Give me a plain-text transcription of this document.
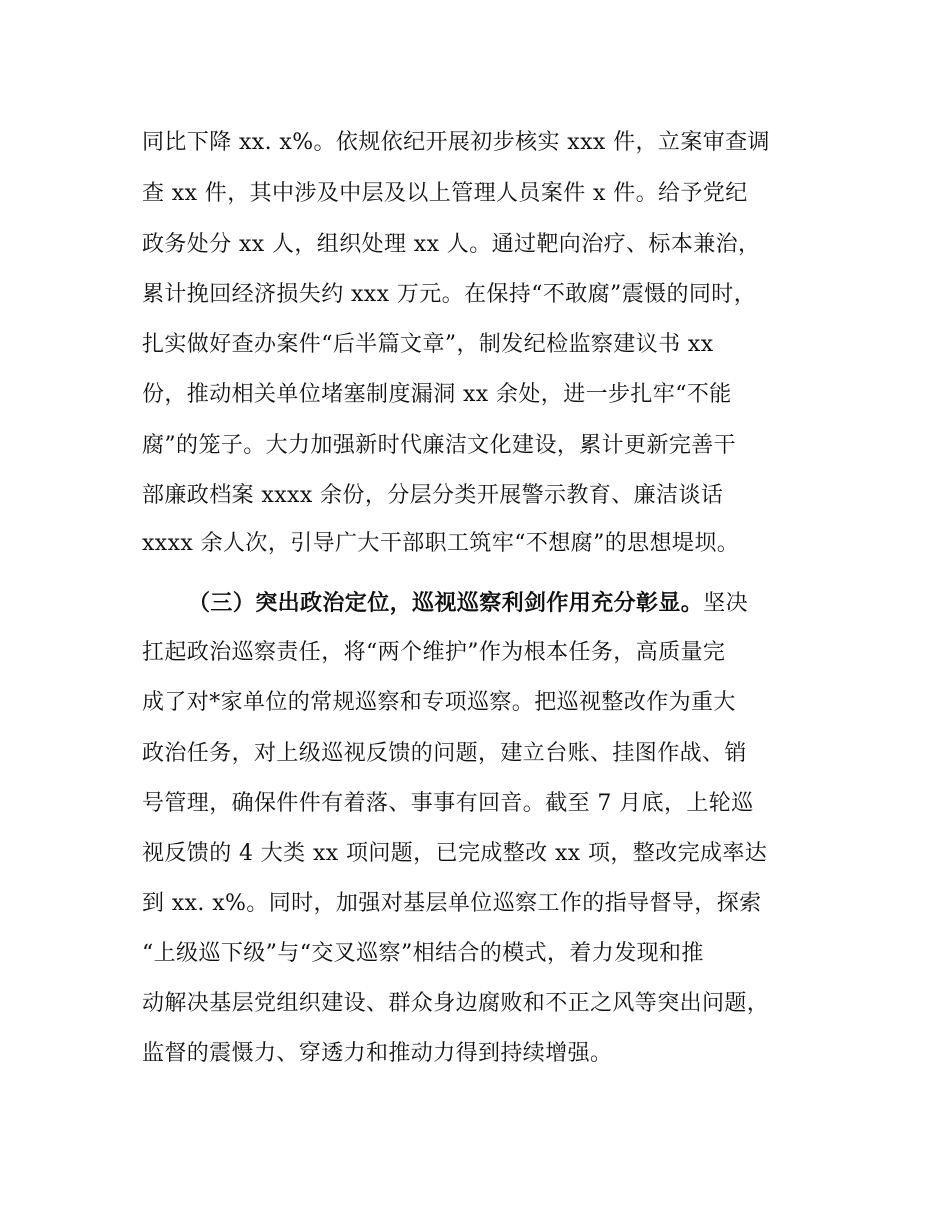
同比下降 xx. x%。依规依纪开展初步核实 xxx 件，立案审查调
查 xx 件，其中涉及中层及以上管理人员案件 x 件。给予党纪
政务处分 xx 人，组织处理 xx 人。通过靶向治疗、标本兼治，
累计挽回经济损失约 xxx 万元。在保持“不敢腐”震慑的同时，
扎实做好查办案件“后半篇文章”，制发纪检监察建议书 xx
份，推动相关单位堵塞制度漏洞 xx 余处，进一步扎牢“不能
腐”的笼子。大力加强新时代廉洁文化建设，累计更新完善干
部廉政档案 xxxx 余份，分层分类开展警示教育、廉洁谈话
xxxx 余人次，引导广大干部职工筑牢“不想腐”的思想堤坝。
（三）突出政治定位，巡视巡察利剑作用充分彰显。坚决
扛起政治巡察责任，将“两个维护”作为根本任务，高质量完
成了对*家单位的常规巡察和专项巡察。把巡视整改作为重大
政治任务，对上级巡视反馈的问题，建立台账、挂图作战、销
号管理，确保件件有着落、事事有回音。截至 7 月底，上轮巡
视反馈的 4 大类 xx 项问题，已完成整改 xx 项，整改完成率达
到 xx. x%。同时，加强对基层单位巡察工作的指导督导，探索
“上级巡下级”与“交叉巡察”相结合的模式，着力发现和推
动解决基层党组织建设、群众身边腐败和不正之风等突出问题，
监督的震慑力、穿透力和推动力得到持续增强。
